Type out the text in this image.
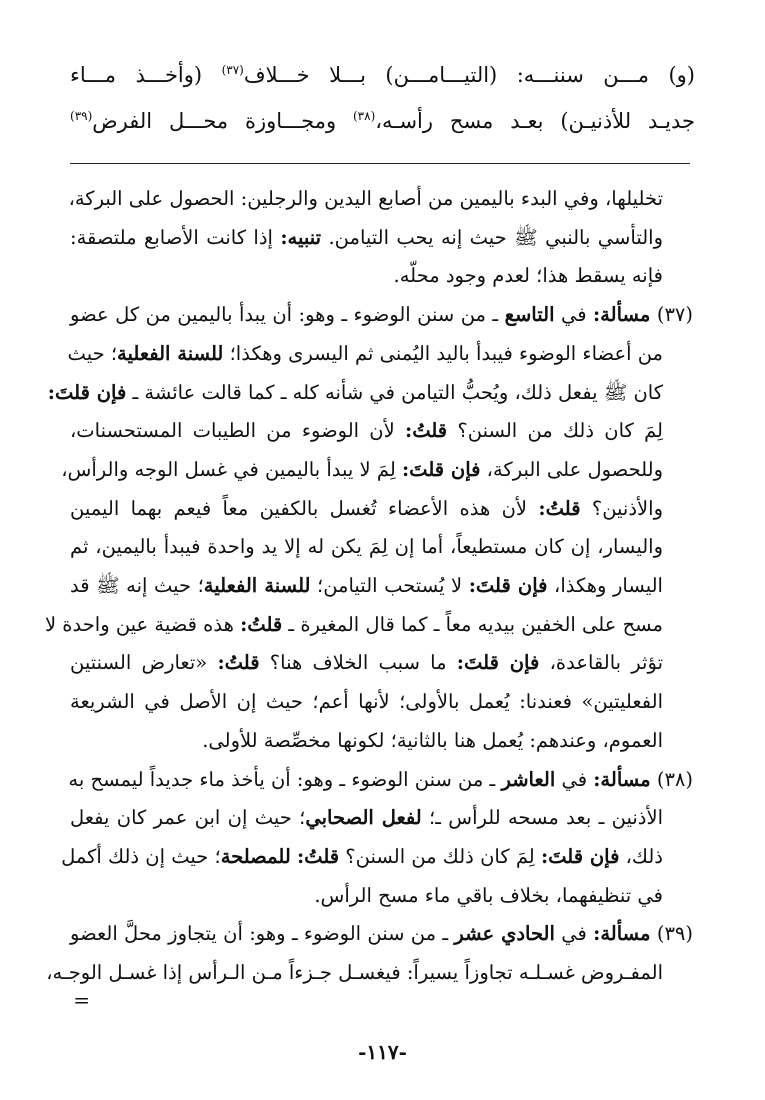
(و) مـــن سننـــه: (التيـــامـــن) بـــلا خـــلاف$^{(٣٧)}$ (وأخـــذ مـــاء
جديـد للأذنيـن) بعـد مسح رأسـه،$^{(٣٨)}$ ومجـــاوزة محـــل الفرض$^{(٣٩)}$
تخليلها، وفي البدء باليمين من أصابع اليدين والرجلين: الحصول على البركة،
والتأسي بالنبي ﷺ حيث إنه يحب التيامن. تنبيه: إذا كانت الأصابع ملتصقة:
فإنه يسقط هذا؛ لعدم وجود محلّه.
(٣٧) مسألة: في التاسع ـ من سنن الوضوء ـ وهو: أن يبدأ باليمين من كل عضو
من أعضاء الوضوء فيبدأ باليد اليُمنى ثم اليسرى وهكذا؛ للسنة الفعلية؛ حيث
كان ﷺ يفعل ذلك، ويُحبُّ التيامن في شأنه كله ـ كما قالت عائشة ـ فإن قلتَ:
لِمَ كان ذلك من السنن؟ قلتُ: لأن الوضوء من الطيبات المستحسنات،
وللحصول على البركة، فإن قلتَ: لِمَ لا يبدأ باليمين في غسل الوجه والرأس،
والأذنين؟ قلتُ: لأن هذه الأعضاء تُغسل بالكفين معاً فيعم بهما اليمين
واليسار، إن كان مستطيعاً، أما إن لِمَ يكن له إلا يد واحدة فيبدأ باليمين، ثم
اليسار وهكذا، فإن قلتَ: لا يُستحب التيامن؛ للسنة الفعلية؛ حيث إنه ﷺ قد
مسح على الخفين بيديه معاً ـ كما قال المغيرة ـ قلتُ: هذه قضية عين واحدة لا
تؤثر بالقاعدة، فإن قلتَ: ما سبب الخلاف هنا؟ قلتُ: «تعارض السنتين
الفعليتين» فعندنا: يُعمل بالأولى؛ لأنها أعم؛ حيث إن الأصل في الشريعة
العموم، وعندهم: يُعمل هنا بالثانية؛ لكونها مخصِّصة للأولى.
(٣٨) مسألة: في العاشر ـ من سنن الوضوء ـ وهو: أن يأخذ ماء جديداً ليمسح به
الأذنين ـ بعد مسحه للرأس ـ؛ لفعل الصحابي؛ حيث إن ابن عمر كان يفعل
ذلك، فإن قلتَ: لِمَ كان ذلك من السنن؟ قلتُ: للمصلحة؛ حيث إن ذلك أكمل
في تنظيفهما، بخلاف باقي ماء مسح الرأس.
(٣٩) مسألة: في الحادي عشر ـ من سنن الوضوء ـ وهو: أن يتجاوز محلَّ العضو
المفـروض غسـلـه تجاوزاً يسيراً: فيغسـل جـزءاً مـن الـرأس إذا غسـل الوجـه،
=
-١١٧-
